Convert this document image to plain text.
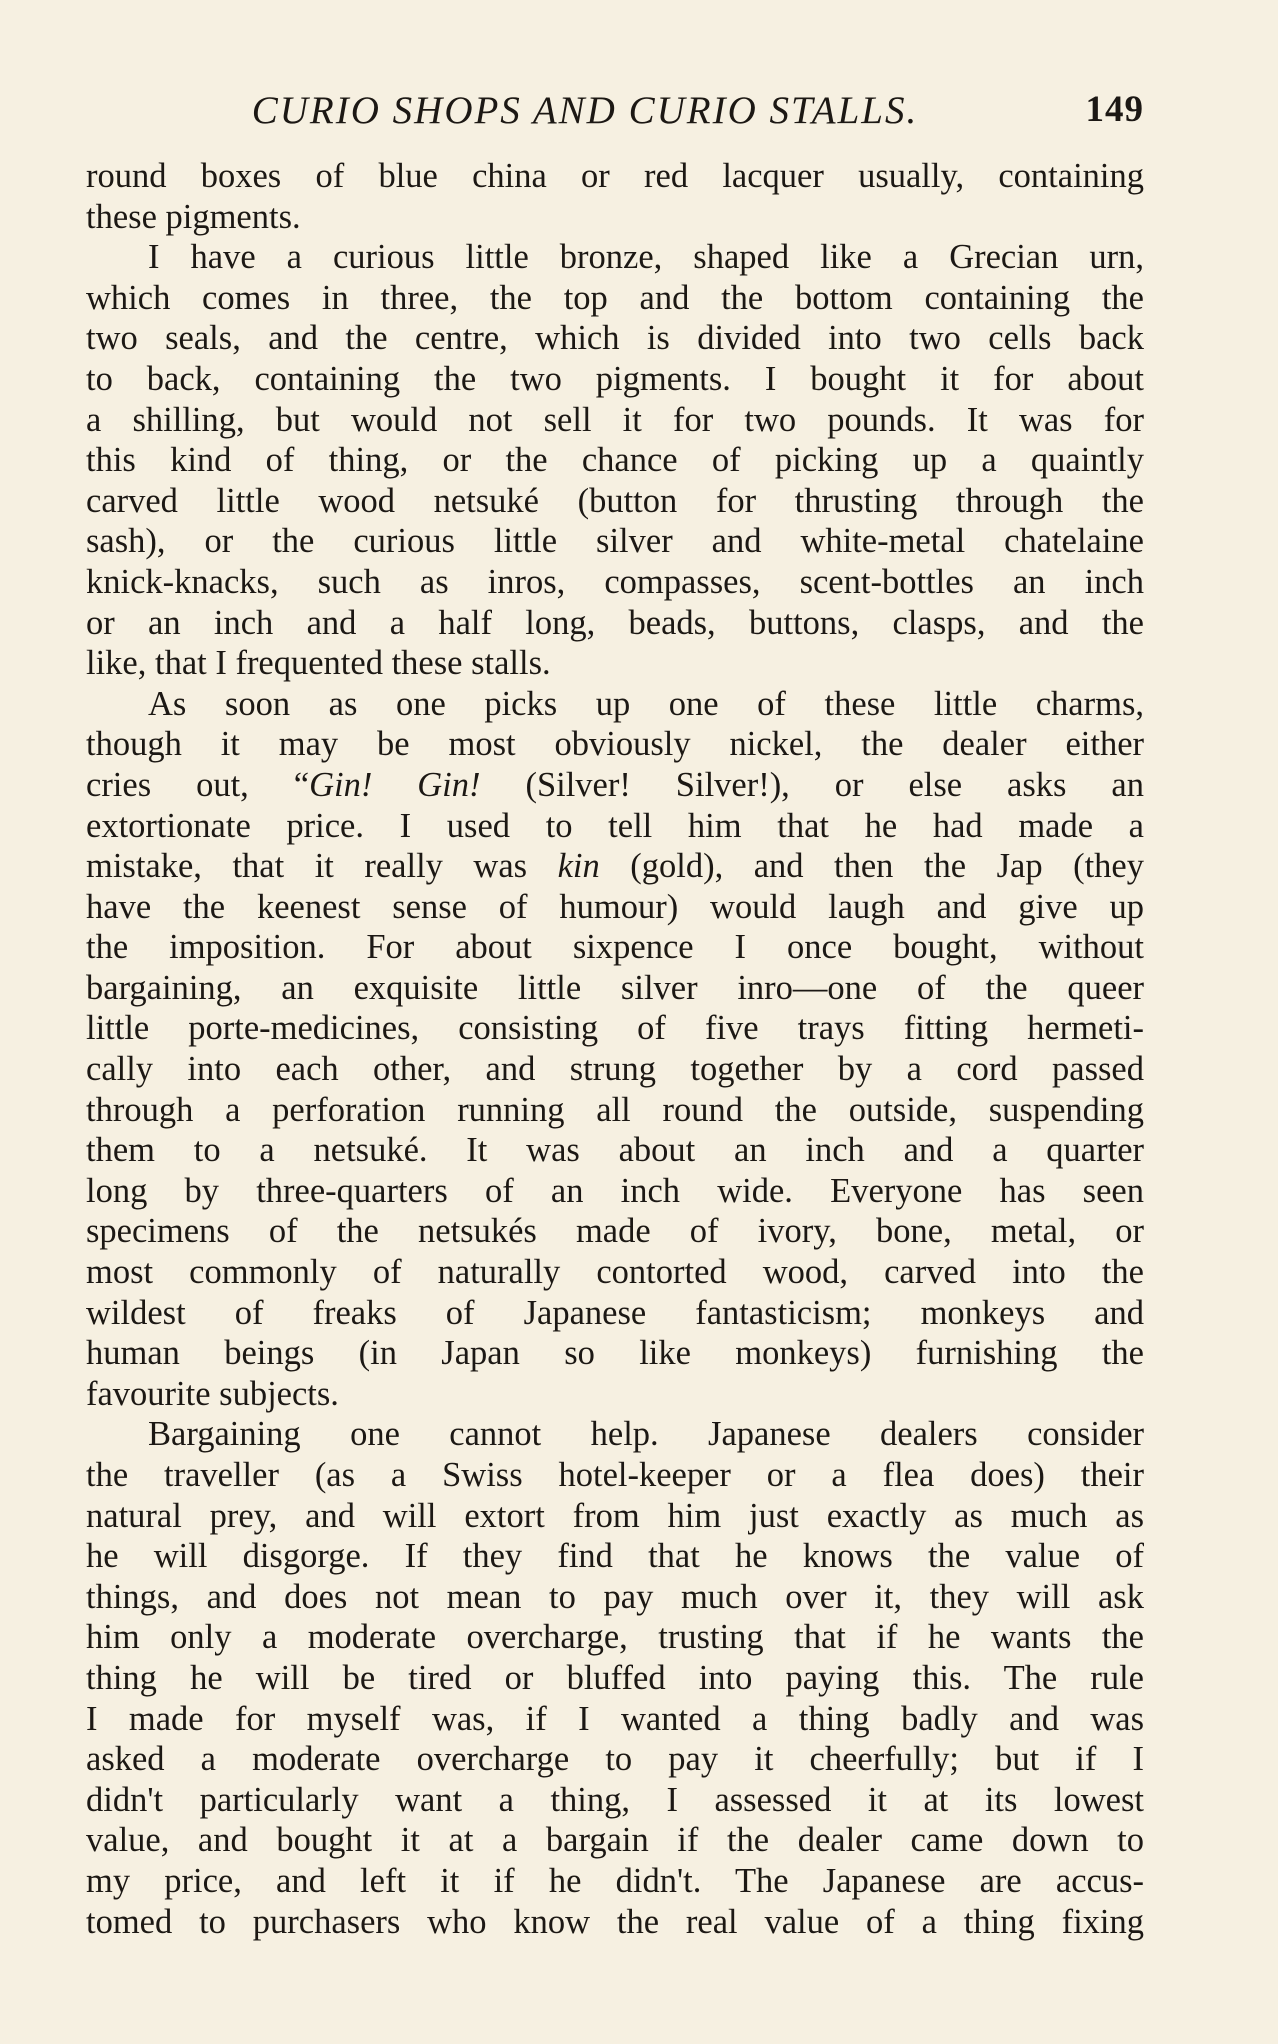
CURIO SHOPS AND CURIO STALLS.	149
round boxes of blue china or red lacquer usually, containing
these pigments.
I have a curious little bronze, shaped like a Grecian urn,
which comes in three, the top and the bottom containing the
two seals, and the centre, which is divided into two cells back
to back, containing the two pigments. I bought it for about
a shilling, but would not sell it for two pounds. It was for
this kind of thing, or the chance of picking up a quaintly
carved little wood netsuké (button for thrusting through the
sash), or the curious little silver and white-metal chatelaine
knick-knacks, such as inros, compasses, scent-bottles an inch
or an inch and a half long, beads, buttons, clasps, and the
like, that I frequented these stalls.
As soon as one picks up one of these little charms,
though it may be most obviously nickel, the dealer either
cries out, “Gin! Gin! (Silver! Silver!), or else asks an
extortionate price. I used to tell him that he had made a
mistake, that it really was kin (gold), and then the Jap (they
have the keenest sense of humour) would laugh and give up
the imposition. For about sixpence I once bought, without
bargaining, an exquisite little silver inro—one of the queer
little porte-medicines, consisting of five trays fitting hermeti-
cally into each other, and strung together by a cord passed
through a perforation running all round the outside, suspending
them to a netsuké. It was about an inch and a quarter
long by three-quarters of an inch wide. Everyone has seen
specimens of the netsukés made of ivory, bone, metal, or
most commonly of naturally contorted wood, carved into the
wildest of freaks of Japanese fantasticism; monkeys and
human beings (in Japan so like monkeys) furnishing the
favourite subjects.
Bargaining one cannot help. Japanese dealers consider
the traveller (as a Swiss hotel-keeper or a flea does) their
natural prey, and will extort from him just exactly as much as
he will disgorge. If they find that he knows the value of
things, and does not mean to pay much over it, they will ask
him only a moderate overcharge, trusting that if he wants the
thing he will be tired or bluffed into paying this. The rule
I made for myself was, if I wanted a thing badly and was
asked a moderate overcharge to pay it cheerfully; but if I
didn't particularly want a thing, I assessed it at its lowest
value, and bought it at a bargain if the dealer came down to
my price, and left it if he didn't. The Japanese are accus-
tomed to purchasers who know the real value of a thing fixing
